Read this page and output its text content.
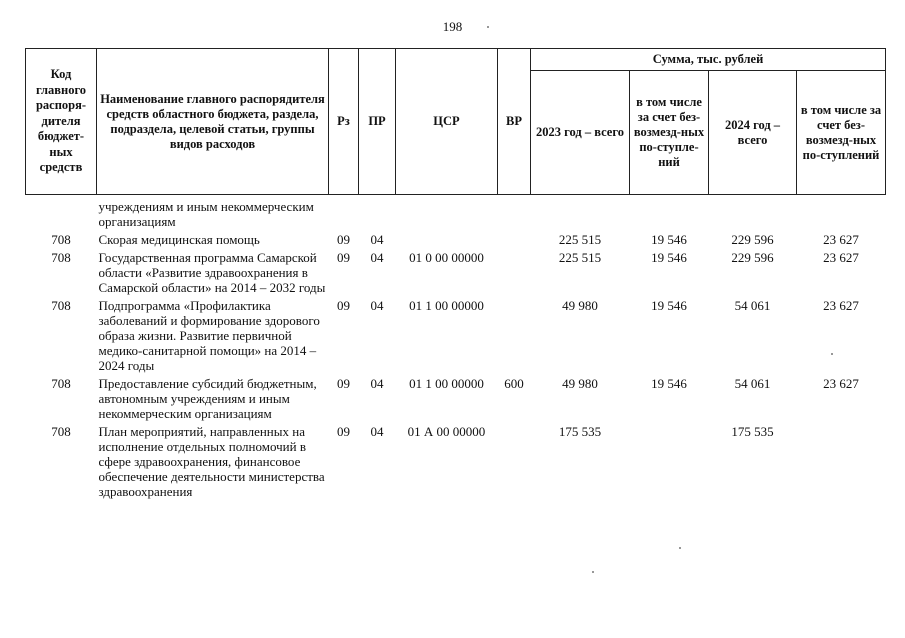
198
Код главного распоря-дителя бюджет-ных средств	Наименование главного распорядителя средств областного бюджета, раздела, подраздела, целевой статьи, группы видов расходов	Рз	ПР	ЦСР	ВР	Сумма, тыс. рублей			
						2023 год – всего	в том числе за счет без-возмезд-ных по-ступле-ний	2024 год – всего	в том числе за счет без-возмезд-ных по-ступлений
	учреждениям и иным некоммерческим организациям								
708	Скорая медицинская помощь	09	04			225 515	19 546	229 596	23 627
708	Государственная программа Самарской области «Развитие здравоохранения в Самарской области» на 2014 – 2032 годы	09	04	01 0 00 00000		225 515	19 546	229 596	23 627
708	Подпрограмма «Профилактика заболеваний и формирование здорового образа жизни. Развитие первичной медико-санитарной помощи» на 2014 – 2024 годы	09	04	01 1 00 00000		49 980	19 546	54 061	23 627
708	Предоставление субсидий бюджетным, автономным учреждениям и иным некоммерческим организациям	09	04	01 1 00 00000	600	49 980	19 546	54 061	23 627
708	План мероприятий, направленных на исполнение отдельных полномочий в сфере здравоохранения, финансовое обеспечение деятельности министерства здравоохранения	09	04	01 А 00 00000		175 535		175 535	
